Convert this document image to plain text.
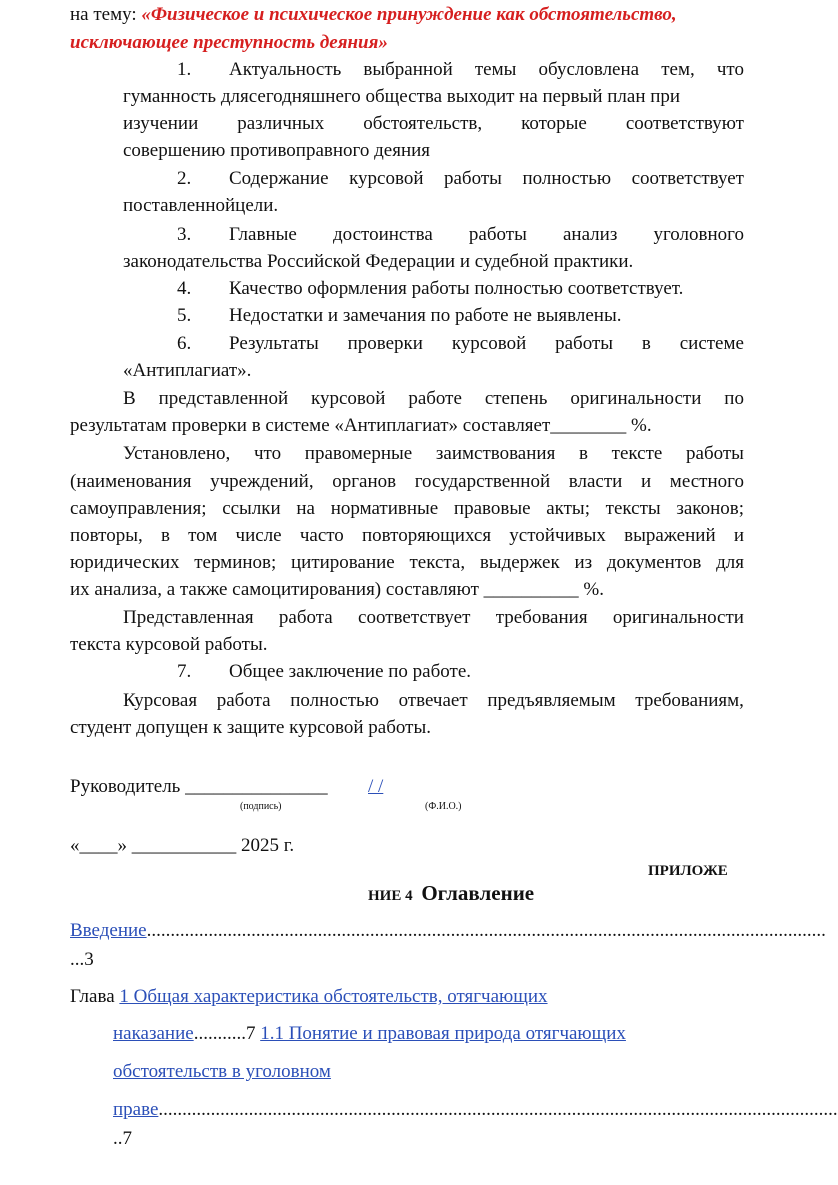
на тему: «Физическое и психическое принуждение как обстоятельство,
исключающее преступность деяния»
1.	Актуальность выбранной темы обусловлена тем, что
гуманность длясегодняшнего общества выходит на первый план при
изучении различных обстоятельств, которые соответствуют
совершению противоправного деяния
2.	Содержание курсовой работы полностью соответствует
поставленнойцели.
3.	Главные достоинства работы анализ уголовного
законодательства Российской Федерации и судебной практики.
4. Качество оформления работы полностью соответствует.
5. Недостатки и замечания по работе не выявлены.
6.	Результаты проверки курсовой работы в системе
«Антиплагиат».
В представленной курсовой работе степень оригинальности по
результатам проверки в системе «Антиплагиат» составляет________ %.
Установлено, что правомерные заимствования в тексте работы
(наименования учреждений, органов государственной власти и местного
самоуправления; ссылки на нормативные правовые акты; тексты законов;
повторы, в том числе часто повторяющихся устойчивых выражений и
юридических терминов; цитирование текста, выдержек из документов для
их анализа, а также самоцитирования) составляют __________ %.
Представленная работа соответствует требования оригинальности
текста курсовой работы.
7. Общее заключение по работе.
Курсовая работа полностью отвечает предъявляемым требованиям,
студент допущен к защите курсовой работы.
Руководитель _______________ / /
(подпись)	(Ф.И.О.)
«____» ___________ 2025 г.
ПРИЛОЖЕ
НИЕ 4 Оглавление
Введение ...............................................................................................................................................
...3
Глава 1 Общая характеристика обстоятельств, отягчающих
наказание...........7 1.1 Понятие и правовая природа отягчающих
обстоятельств в уголовном
праве ...............................................................................................................................................
..7
